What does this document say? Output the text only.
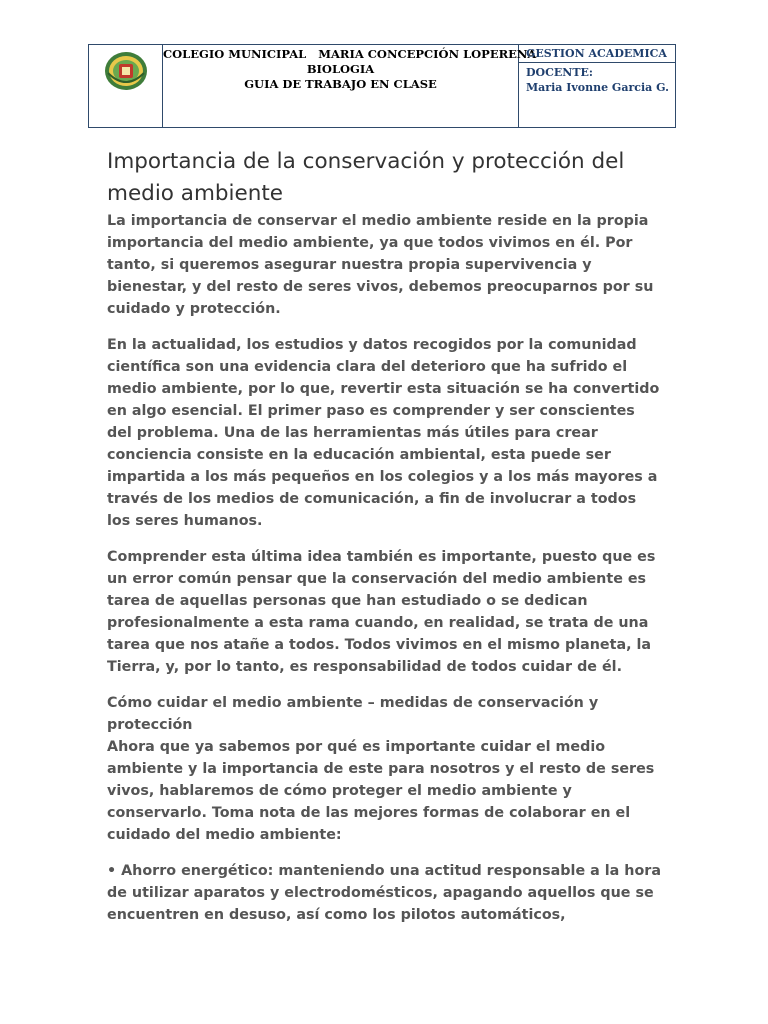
COLEGIO MUNICIPAL   MARIA CONCEPCIÓN LOPERENA
BIOLOGIA
GUIA DE TRABAJO EN CLASE
GESTION ACADEMICA
DOCENTE:
Maria Ivonne Garcia G.
Importancia de la conservación y protección del medio ambiente

La importancia de conservar el medio ambiente reside en la propia importancia del medio ambiente, ya que todos vivimos en él. Por tanto, si queremos asegurar nuestra propia supervivencia y bienestar, y del resto de seres vivos, debemos preocuparnos por su cuidado y protección.

En la actualidad, los estudios y datos recogidos por la comunidad científica son una evidencia clara del deterioro que ha sufrido el medio ambiente, por lo que, revertir esta situación se ha convertido en algo esencial. El primer paso es comprender y ser conscientes del problema. Una de las herramientas más útiles para crear conciencia consiste en la educación ambiental, esta puede ser impartida a los más pequeños en los colegios y a los más mayores a través de los medios de comunicación, a fin de involucrar a todos los seres humanos.

Comprender esta última idea también es importante, puesto que es un error común pensar que la conservación del medio ambiente es tarea de aquellas personas que han estudiado o se dedican profesionalmente a esta rama cuando, en realidad, se trata de una tarea que nos atañe a todos. Todos vivimos en el mismo planeta, la Tierra, y, por lo tanto, es responsabilidad de todos cuidar de él.

Cómo cuidar el medio ambiente – medidas de conservación y protección

Ahora que ya sabemos por qué es importante cuidar el medio ambiente y la importancia de este para nosotros y el resto de seres vivos, hablaremos de cómo proteger el medio ambiente y conservarlo. Toma nota de las mejores formas de colaborar en el cuidado del medio ambiente:

• Ahorro energético: manteniendo una actitud responsable a la hora de utilizar aparatos y electrodomésticos, apagando aquellos que se encuentren en desuso, así como los pilotos automáticos,
